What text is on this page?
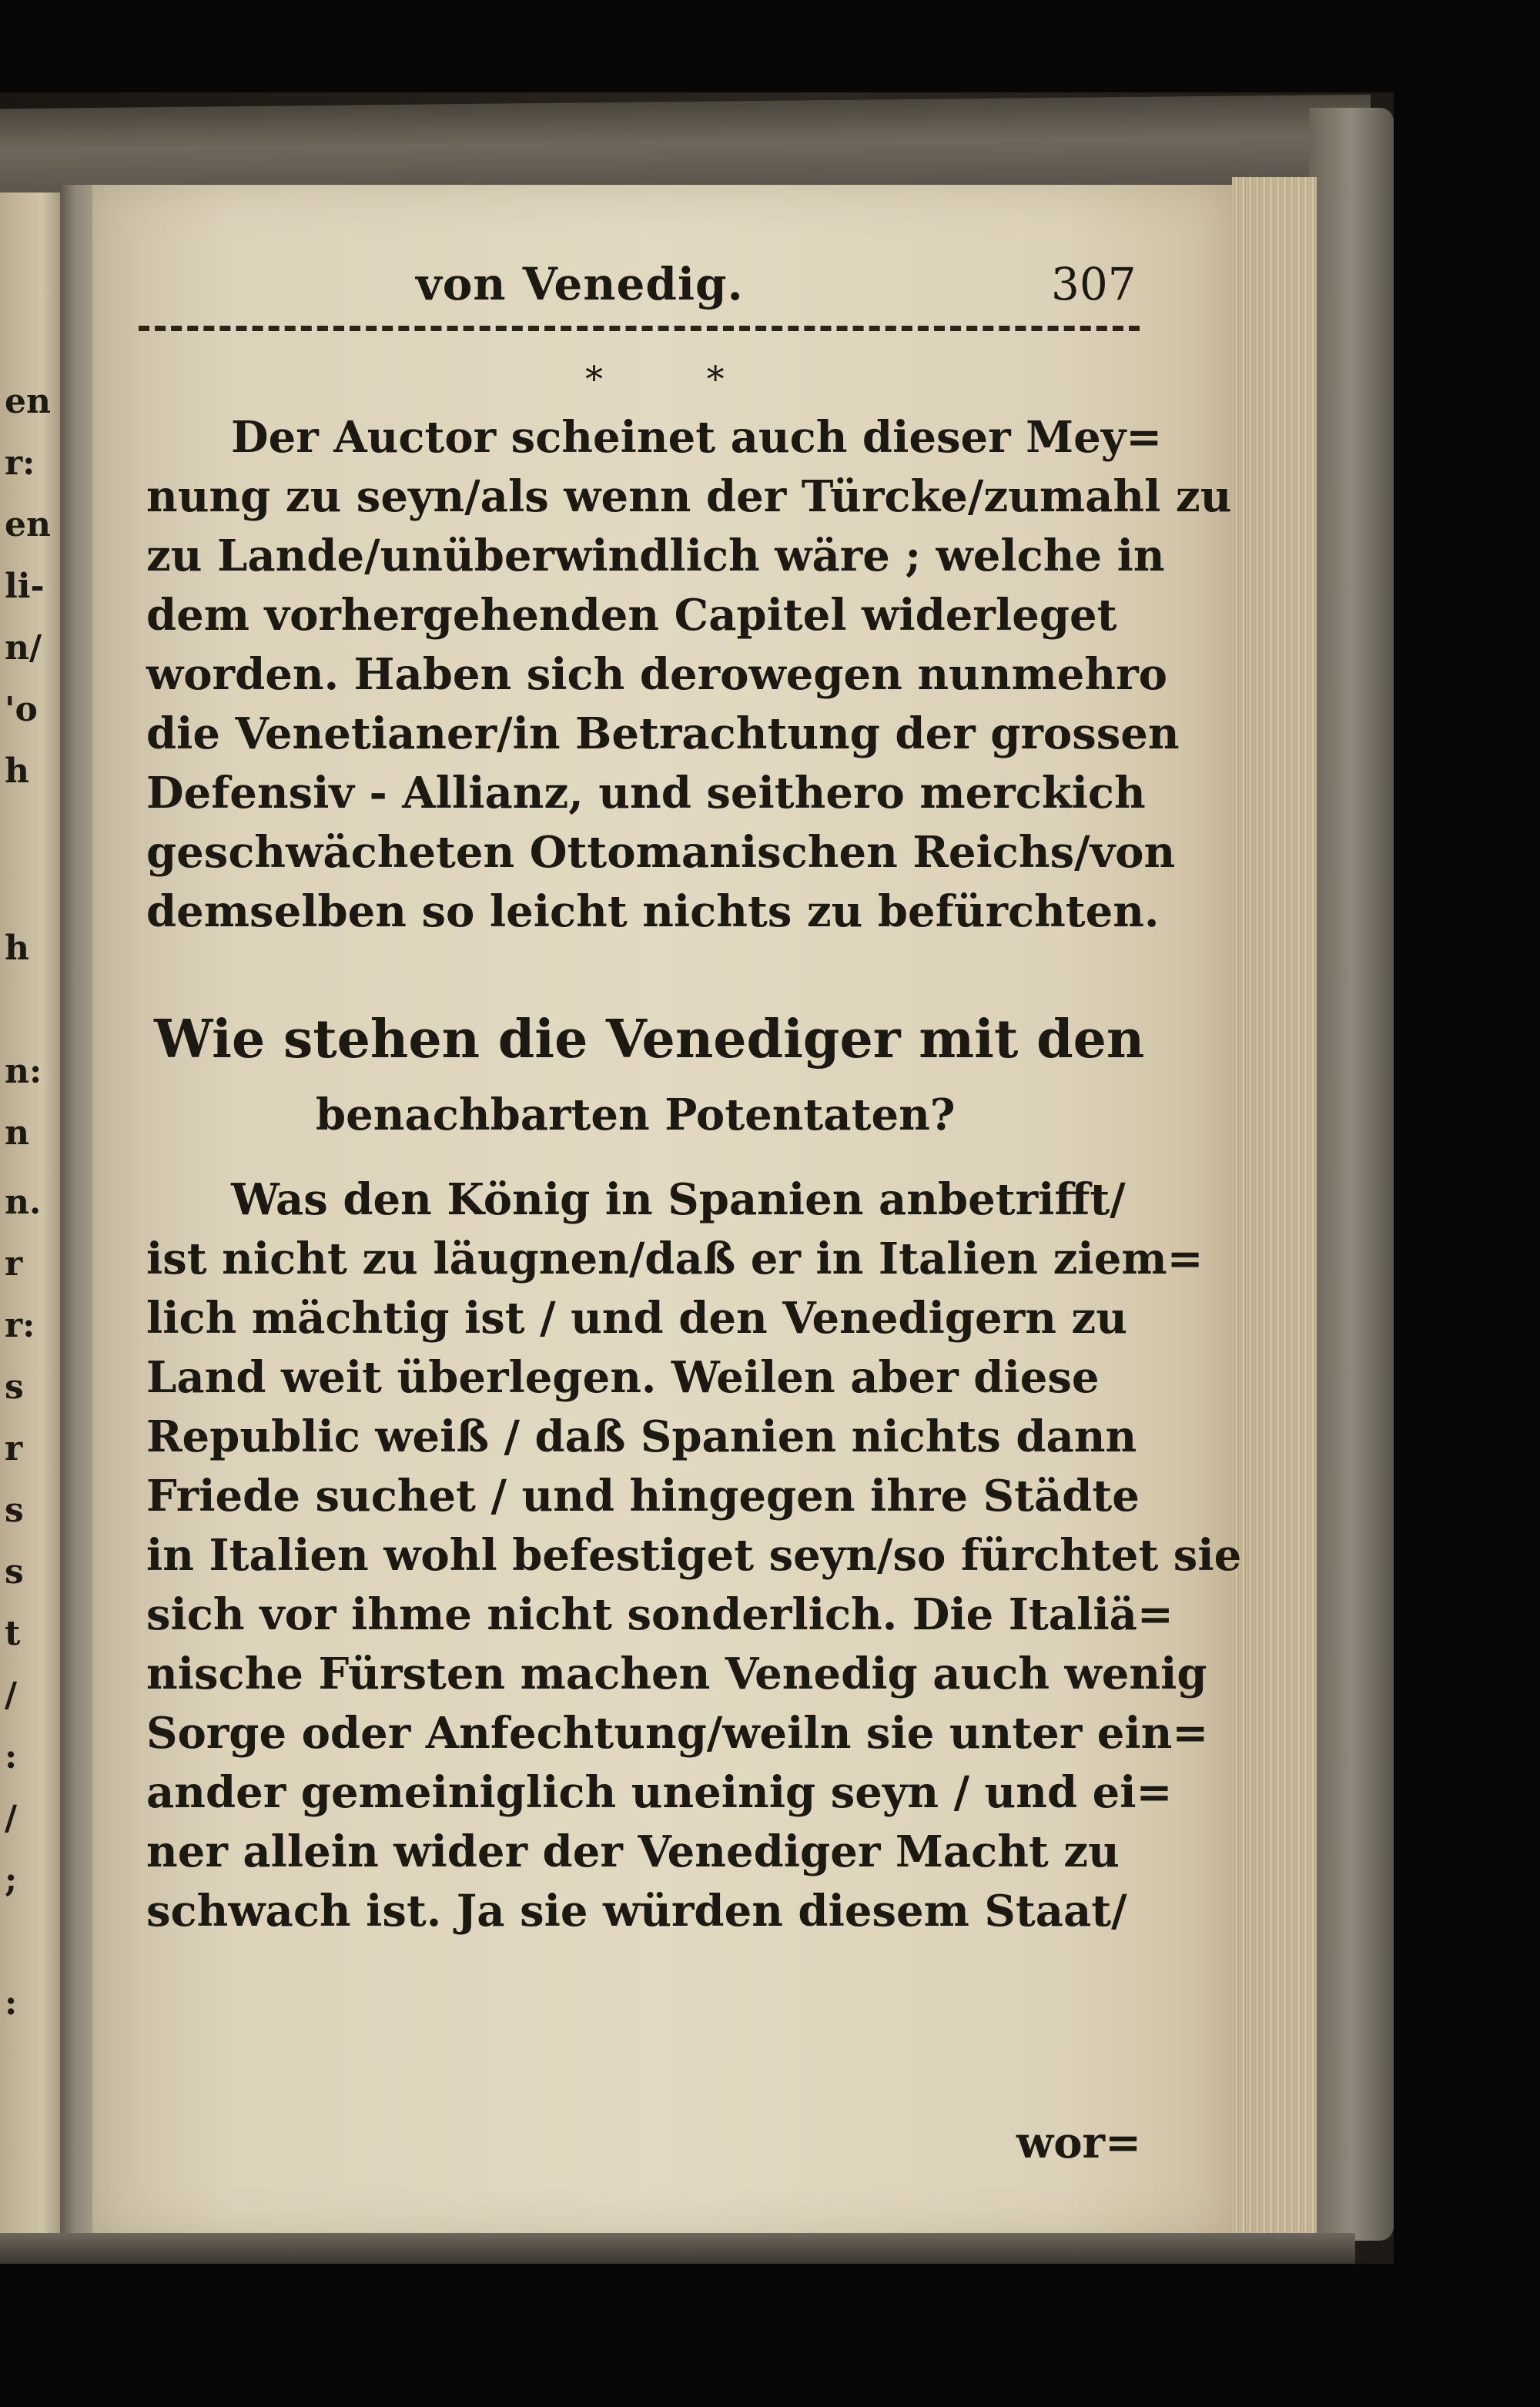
en
r:
en
li-
n/
'o
h
h
n:
n
n.
r
r:
s
r
s
s
t
/
:
/
;
:
von Venedig.	307
* *
Der Auctor scheinet auch dieser Mey=
nung zu seyn/als wenn der Türcke/zumahl zu
zu Lande/unüberwindlich wäre ; welche in
dem vorhergehenden Capitel widerleget
worden. Haben sich derowegen nunmehro
die Venetianer/in Betrachtung der grossen
Defensiv - Allianz, und seithero merckich
geschwächeten Ottomanischen Reichs/von
demselben so leicht nichts zu befürchten.
Wie stehen die Venediger mit den
benachbarten Potentaten?
Was den König in Spanien anbetrifft/
ist nicht zu läugnen/daß er in Italien ziem=
lich mächtig ist / und den Venedigern zu
Land weit überlegen. Weilen aber diese
Republic weiß / daß Spanien nichts dann
Friede suchet / und hingegen ihre Städte
in Italien wohl befestiget seyn/so fürchtet sie
sich vor ihme nicht sonderlich. Die Italiä=
nische Fürsten machen Venedig auch wenig
Sorge oder Anfechtung/weiln sie unter ein=
ander gemeiniglich uneinig seyn / und ei=
ner allein wider der Venediger Macht zu
schwach ist. Ja sie würden diesem Staat/
wor=
